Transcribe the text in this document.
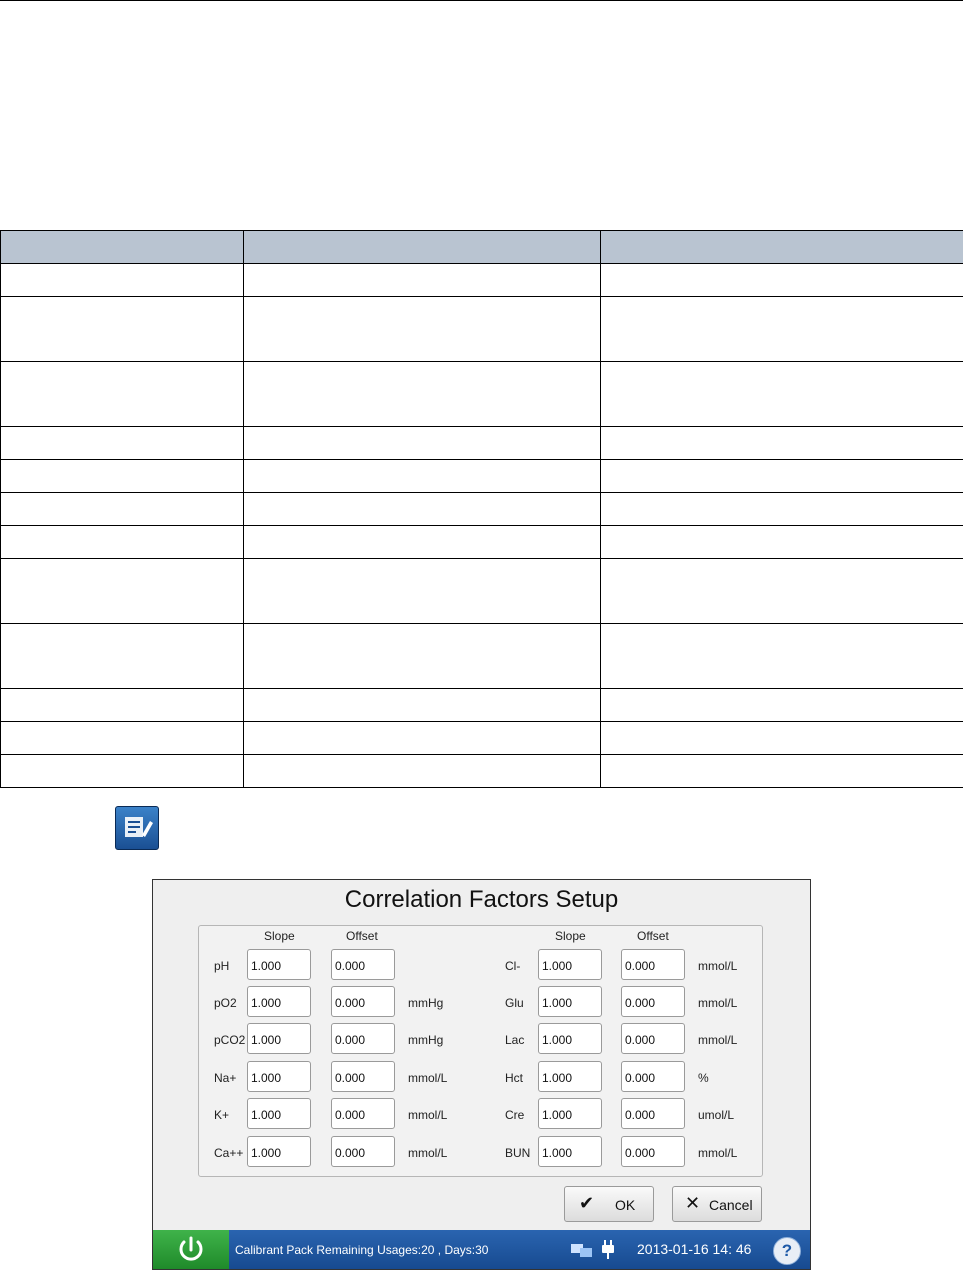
Correlation Factors Setup
Slope	Offset	Slope	Offset
pH	1.000	0.000
pO2	1.000	0.000	mmHg
pCO2 1.000	0.000	mmHg
Na+	1.000	0.000	mmol/L
K+	1.000	0.000	mmol/L
Ca++ 1.000	0.000	mmol/L
Cl-	1.000	0.000	mmol/L
Glu	1.000	0.000	mmol/L
Lac	1.000	0.000	mmol/L
Hct	1.000	0.000	%
Cre	1.000	0.000	umol/L
BUN 1.000	0.000	mmol/L
✔ OK	✕ Cancel
Calibrant Pack Remaining Usages:20 , Days:30	2013-01-16 14: 46	?
